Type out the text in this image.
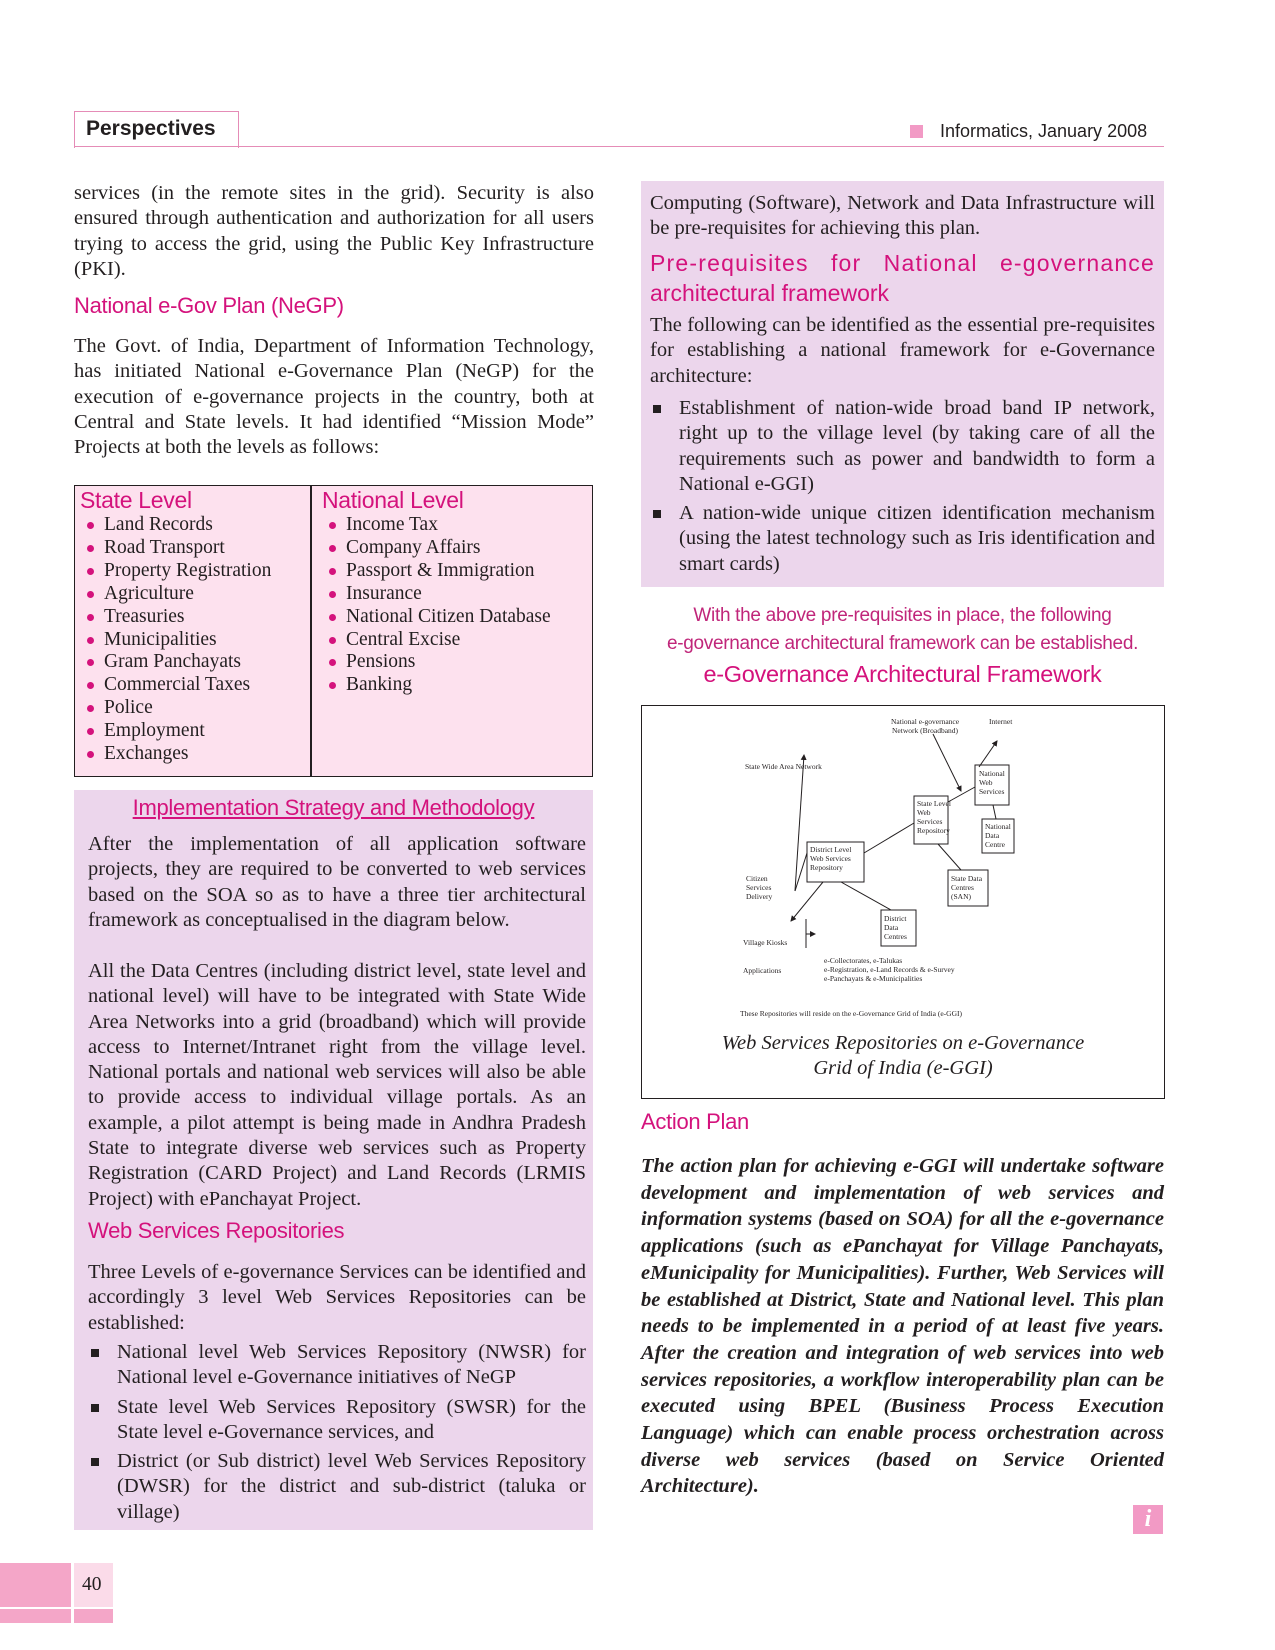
Perspectives	Informatics, January 2008

services (in the remote sites in the grid). Security is also ensured through authentication and authorization for all users trying to access the grid, using the Public Key Infrastructure (PKI).

National e-Gov Plan (NeGP)

The Govt. of India, Department of Information Technology, has initiated National e-Governance Plan (NeGP) for the execution of e-governance projects in the country, both at Central and State levels. It had identified “Mission Mode” Projects at both the levels as follows:

State Level
Land Records
Road Transport
Property Registration
Agriculture
Treasuries
Municipalities
Gram Panchayats
Commercial Taxes
Police
Employment
Exchanges
National Level
Income Tax
Company Affairs
Passport & Immigration
Insurance
National Citizen Database
Central Excise
Pensions
Banking
Implementation Strategy and Methodology

After the implementation of all application software projects, they are required to be converted to web services based on the SOA so as to have a three tier architectural framework as conceptualised in the diagram below.

All the Data Centres (including district level, state level and national level) will have to be integrated with State Wide Area Networks into a grid (broadband) which will provide access to Internet/Intranet right from the village level. National portals and national web services will also be able to provide access to individual village portals. As an example, a pilot attempt is being made in Andhra Pradesh State to integrate diverse web services such as Property Registration (CARD Project) and Land Records (LRMIS Project) with ePanchayat Project.

Web Services Repositories

Three Levels of e-governance Services can be identified and accordingly 3 level Web Services Repositories can be established:

National level Web Services Repository (NWSR) for National level e-Governance initiatives of NeGP
State level Web Services Repository (SWSR) for the State level e-Governance services, and
District (or Sub district) level Web Services Repository (DWSR) for the district and sub-district (taluka or village)

Computing (Software), Network and Data Infrastructure will be pre-requisites for achieving this plan.

Pre-requisites for National e-governance
architectural framework

The following can be identified as the essential pre-requisites for establishing a national framework for e-Governance architecture:

Establishment of nation-wide broad band IP network, right up to the village level (by taking care of all the requirements such as power and bandwidth to form a National e-GGI)
A nation-wide unique citizen identification mechanism (using the latest technology such as Iris identification and smart cards)
With the above pre-requisites in place, the following
e-governance architectural framework can be established.
e-Governance Architectural Framework
National e-governance
Network (Broadband)
Internet
State Wide Area Network
National
Web
Services
State Level
Web
Services
Repository	National
Data
Centre
District Level
Web Services
Repository
Citizen
Services
Delivery
State Data
Centres
(SAN)
District
Data
Centres
Village Kiosks
Applications
e-Collectorates, e-Talukas
e-Registration, e-Land Records & e-Survey
e-Panchayats & e-Municipalities
These Repositories will reside on the e-Governance Grid of India (e-GGI)
Web Services Repositories on e-Governance
Grid of India (e-GGI)
Action Plan

The action plan for achieving e-GGI will undertake software development and implementation of web services and information systems (based on SOA) for all the e-governance applications (such as ePanchayat for Village Panchayats, eMunicipality for Municipalities). Further, Web Services will be established at District, State and National level. This plan needs to be implemented in a period of at least five years. After the creation and integration of web services into web services repositories, a workflow interoperability plan can be executed using BPEL (Business Process Execution Language) which can enable process orchestration across diverse web services (based on Service Oriented Architecture).

i
40
